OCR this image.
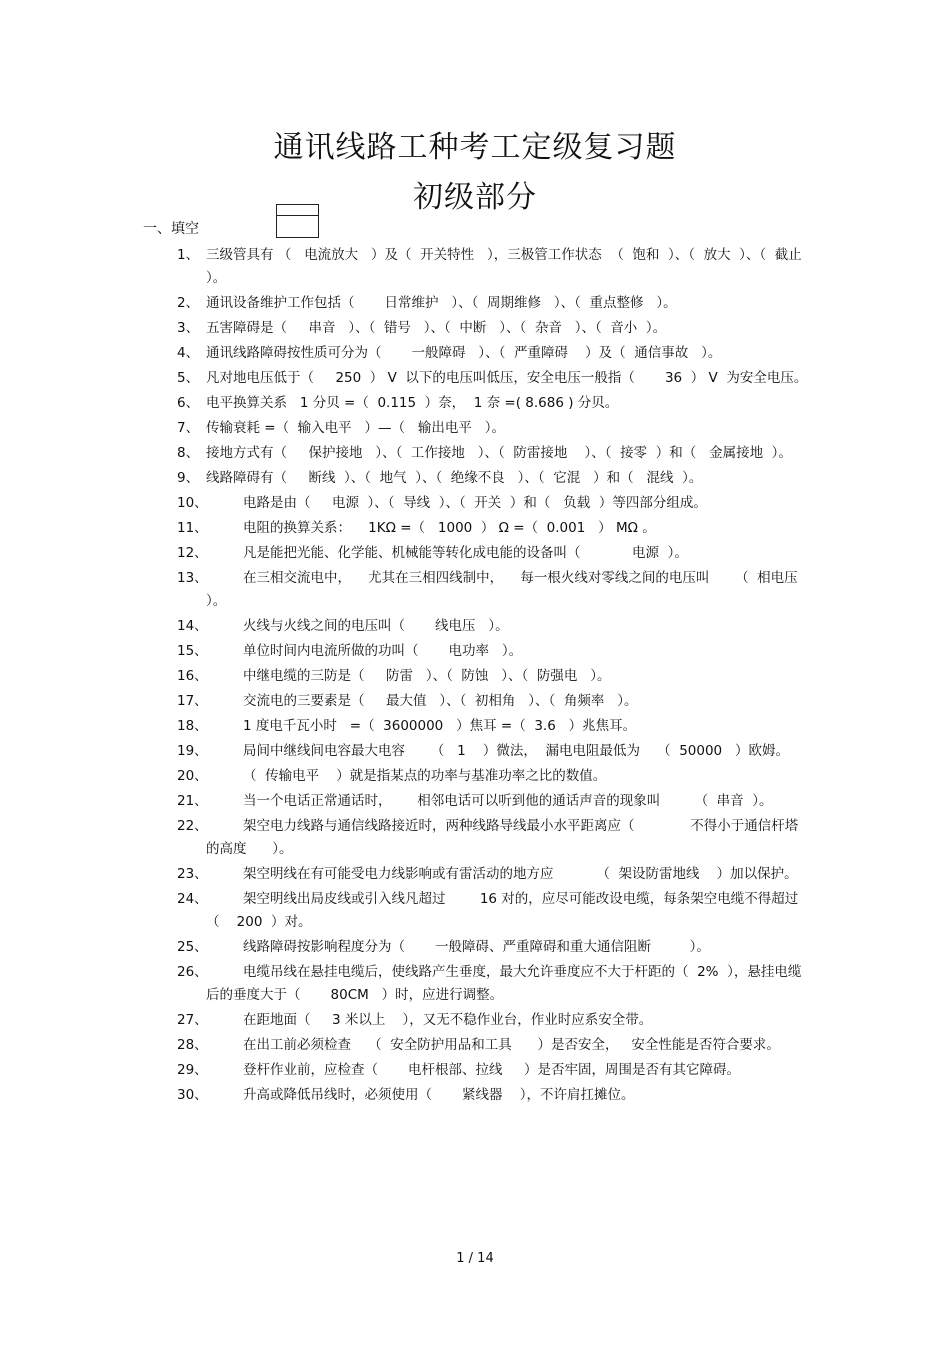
通讯线路工种考工定级复习题
初级部分
一、填空
1、 三级管具有 （   电流放大   ）及（  开关特性   ），三极管工作状态  （  饱和  ）、（  放大  ）、（  截止  ）。
2、 通讯设备维护工作包括（       日常维护   ）、（  周期维修   ）、（  重点整修   ）。
3、 五害障碍是（     串音   ）、（  错号   ）、（  中断   ）、（  杂音   ）、（  音小  ）。
4、 通讯线路障碍按性质可分为（       一般障碍   ）、（  严重障碍    ）及（  通信事故   ）。
5、 凡对地电压低于（     250  ） V  以下的电压叫低压，安全电压一般指（       36  ） V  为安全电压。
6、 电平换算关系   1 分贝 =（  0.115  ）奈，  1 奈 =( 8.686 ) 分贝。
7、 传输衰耗 =（  输入电平   ）—（   输出电平   ）。
8、 接地方式有（     保护接地   ）、（  工作接地   ）、（  防雷接地    ）、（  接零  ）和（   金属接地  ）。
9、 线路障碍有（     断线  ）、（  地气  ）、（  绝缘不良   ）、（  它混   ）和（   混线  ）。
10、	电路是由（     电源  ）、（  导线  ）、（  开关  ）和（   负载  ）等四部分组成。
11、	电阻的换算关系：    1KΩ =（   1000  ） Ω =（  0.001   ） MΩ 。
12、	凡是能把光能、化学能、机械能等转化成电能的设备叫（            电源  ）。
13、	在三相交流电中，    尤其在三相四线制中，    每一根火线对零线之间的电压叫      （  相电压  ）。
14、	火线与火线之间的电压叫（       线电压   ）。
15、	单位时间内电流所做的功叫（       电功率   ）。
16、	中继电缆的三防是（     防雷   ）、（  防蚀   ）、（  防强电   ）。
17、	交流电的三要素是（     最大值   ）、（  初相角   ）、（  角频率   ）。
18、	1 度电千瓦小时   =（  3600000   ）焦耳 =（  3.6   ）兆焦耳。
19、	局间中继线间电容最大电容      （   1    ）微法，  漏电电阻最低为    （  50000   ）欧姆。
20、	（  传输电平    ）就是指某点的功率与基准功率之比的数值。
21、	当一个电话正常通话时，      相邻电话可以听到他的通话声音的现象叫        （  串音  ）。
22、	架空电力线路与通信线路接近时，两种线路导线最小水平距离应（             不得小于通信杆塔的高度      ）。
23、	架空明线在有可能受电力线影响或有雷活动的地方应          （  架设防雷地线    ）加以保护。
24、	架空明线出局皮线或引入线凡超过        16 对的，应尽可能改设电缆，每条架空电缆不得超过（    200  ）对。
25、	线路障碍按影响程度分为（       一般障碍、严重障碍和重大通信阻断         ）。
26、	电缆吊线在悬挂电缆后，使线路产生垂度，最大允许垂度应不大于杆距的（  2%  ），悬挂电缆后的垂度大于（       80CM   ）时，应进行调整。
27、	在距地面（     3 米以上    ），又无不稳作业台，作业时应系安全带。
28、	在出工前必须检查    （  安全防护用品和工具      ）是否安全，   安全性能是否符合要求。
29、	登杆作业前，应检查（       电杆根部、拉线     ）是否牢固，周围是否有其它障碍。
30、	升高或降低吊线时，必须使用（       紧线器    ），不许肩扛摊位。
1 / 14
